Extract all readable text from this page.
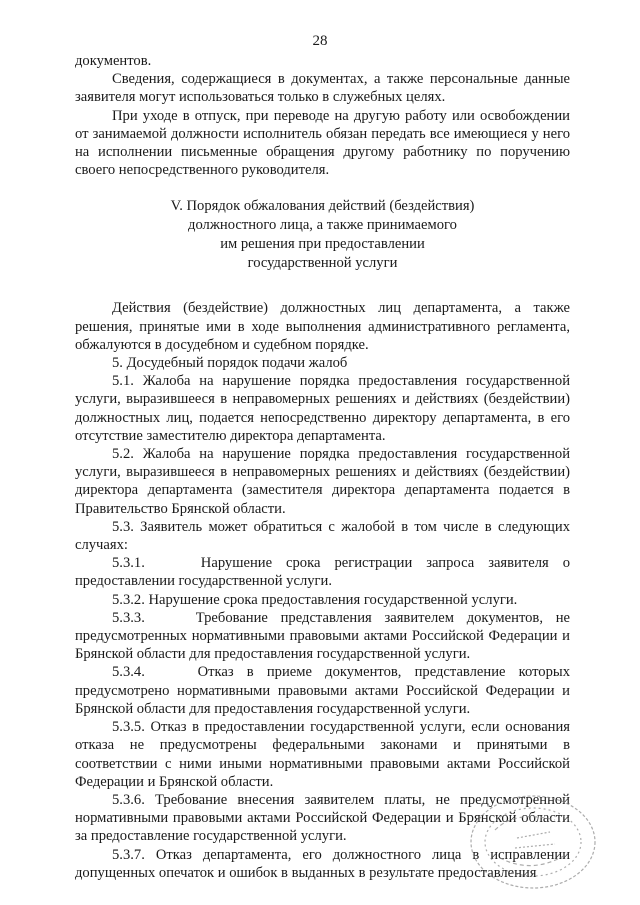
28

документов.

Сведения, содержащиеся в документах, а также персональные данные заявителя могут использоваться только в служебных целях.

При уходе в отпуск, при переводе на другую работу или освобождении от занимаемой должности исполнитель обязан передать все имеющиеся у него на исполнении письменные обращения другому работнику по поручению своего непосредственного руководителя.

V. Порядок обжалования действий (бездействия)
должностного лица, а также принимаемого
им решения при предоставлении
государственной услуги

Действия (бездействие) должностных лиц департамента, а также решения, принятые ими в ходе выполнения административного регламента, обжалуются в досудебном и судебном порядке.

5. Досудебный порядок подачи жалоб

5.1. Жалоба на нарушение порядка предоставления государственной услуги, выразившееся в неправомерных решениях и действиях (бездействии) должностных лиц, подается непосредственно директору департамента, в его отсутствие заместителю директора департамента.

5.2. Жалоба на нарушение порядка предоставления государственной услуги, выразившееся в неправомерных решениях и действиях (бездействии) директора департамента (заместителя директора департамента подается в Правительство Брянской области.

5.3. Заявитель может обратиться с жалобой в том числе в следующих случаях:

5.3.1.    Нарушение срока регистрации запроса заявителя о предоставлении государственной услуги.

5.3.2. Нарушение срока предоставления государственной услуги.

5.3.3.    Требование представления заявителем документов, не предусмотренных нормативными правовыми актами Российской Федерации и Брянской области для предоставления государственной услуги.

5.3.4.    Отказ в приеме документов, представление которых предусмотрено нормативными правовыми актами Российской Федерации и Брянской области для предоставления государственной услуги.

5.3.5. Отказ в предоставлении государственной услуги, если основания отказа не предусмотрены федеральными законами и принятыми в соответствии с ними иными нормативными правовыми актами Российской Федерации и Брянской области.

5.3.6. Требование внесения заявителем платы, не предусмотренной нормативными правовыми актами Российской Федерации и Брянской области за предоставление государственной услуги.

5.3.7. Отказ департамента, его должностного лица в исправлении допущенных опечаток и ошибок в выданных в результате предоставления
